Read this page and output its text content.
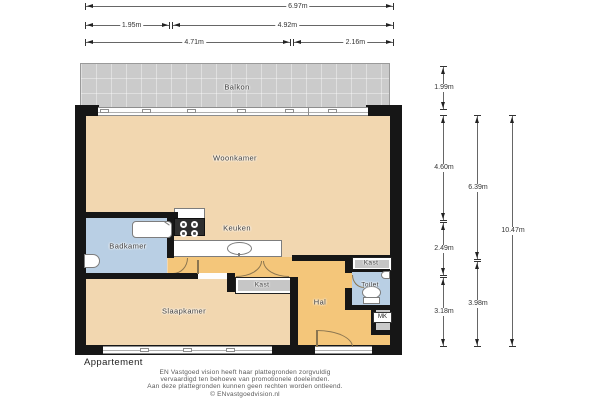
6.97m
1.95m	4.92m
4.71m	2.16m
Balkon
Woonkamer
Keuken
Badkamer
Slaapkamer
Kast
Hal
Kast
Toilet
MK
1.99m
4.60m
2.49m
3.18m
6.39m
3.98m
10.47m
Appartement
EN Vastgoed vision heeft haar plattegronden zorgvuldig
vervaardigd ten behoeve van promotionele doeleinden.
Aan deze plattegronden kunnen geen rechten worden ontleend.
© ENvastgoedvision.nl
